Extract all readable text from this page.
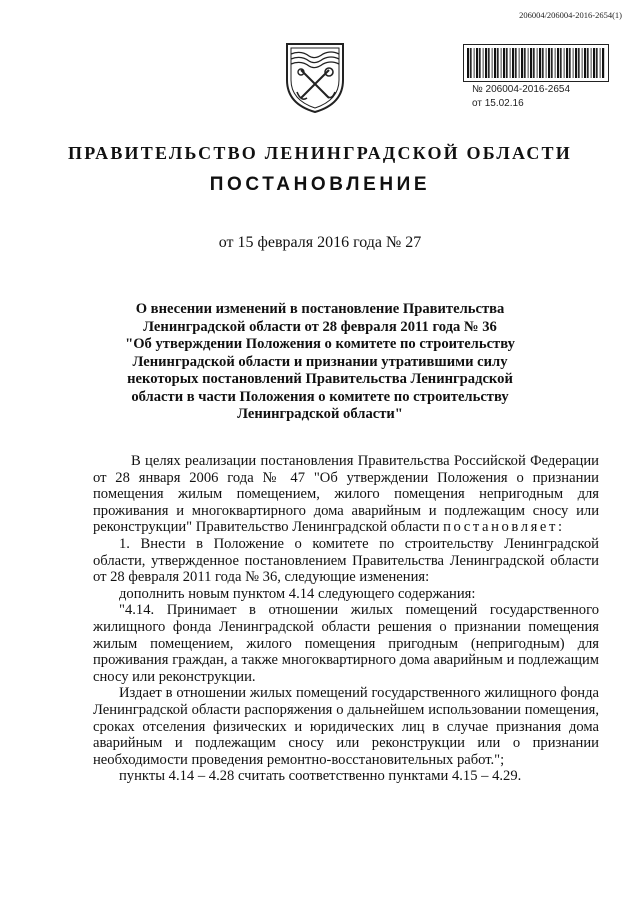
206004/206004-2016-2654(1)
№ 206004-2016-2654
от 15.02.16
ПРАВИТЕЛЬСТВО ЛЕНИНГРАДСКОЙ ОБЛАСТИ
ПОСТАНОВЛЕНИЕ
от 15 февраля 2016 года № 27
О внесении изменений в постановление Правительства
Ленинградской области от 28 февраля 2011 года № 36
"Об утверждении Положения о комитете по строительству
Ленинградской области и признании утратившими силу
некоторых постановлений Правительства Ленинградской
области в части Положения о комитете по строительству
Ленинградской области"

В целях реализации постановления Правительства Российской Федерации от 28 января 2006 года № 47 "Об утверждении Положения о признании помещения жилым помещением, жилого помещения непригодным для проживания и многоквартирного дома аварийным и подлежащим сносу или реконструкции" Правительство Ленинградской области постановляет:

1. Внести в Положение о комитете по строительству Ленинградской области, утвержденное постановлением Правительства Ленинградской области от 28 февраля 2011 года № 36, следующие изменения:

дополнить новым пунктом 4.14 следующего содержания:

"4.14. Принимает в отношении жилых помещений государственного жилищного фонда Ленинградской области решения о признании помещения жилым помещением, жилого помещения пригодным (непригодным) для проживания граждан, а также многоквартирного дома аварийным и подлежащим сносу или реконструкции.

Издает в отношении жилых помещений государственного жилищного фонда Ленинградской области распоряжения о дальнейшем использовании помещения, сроках отселения физических и юридических лиц в случае признания дома аварийным и подлежащим сносу или реконструкции или о признании необходимости проведения ремонтно-восстановительных работ.";

пункты 4.14 – 4.28 считать соответственно пунктами 4.15 – 4.29.
